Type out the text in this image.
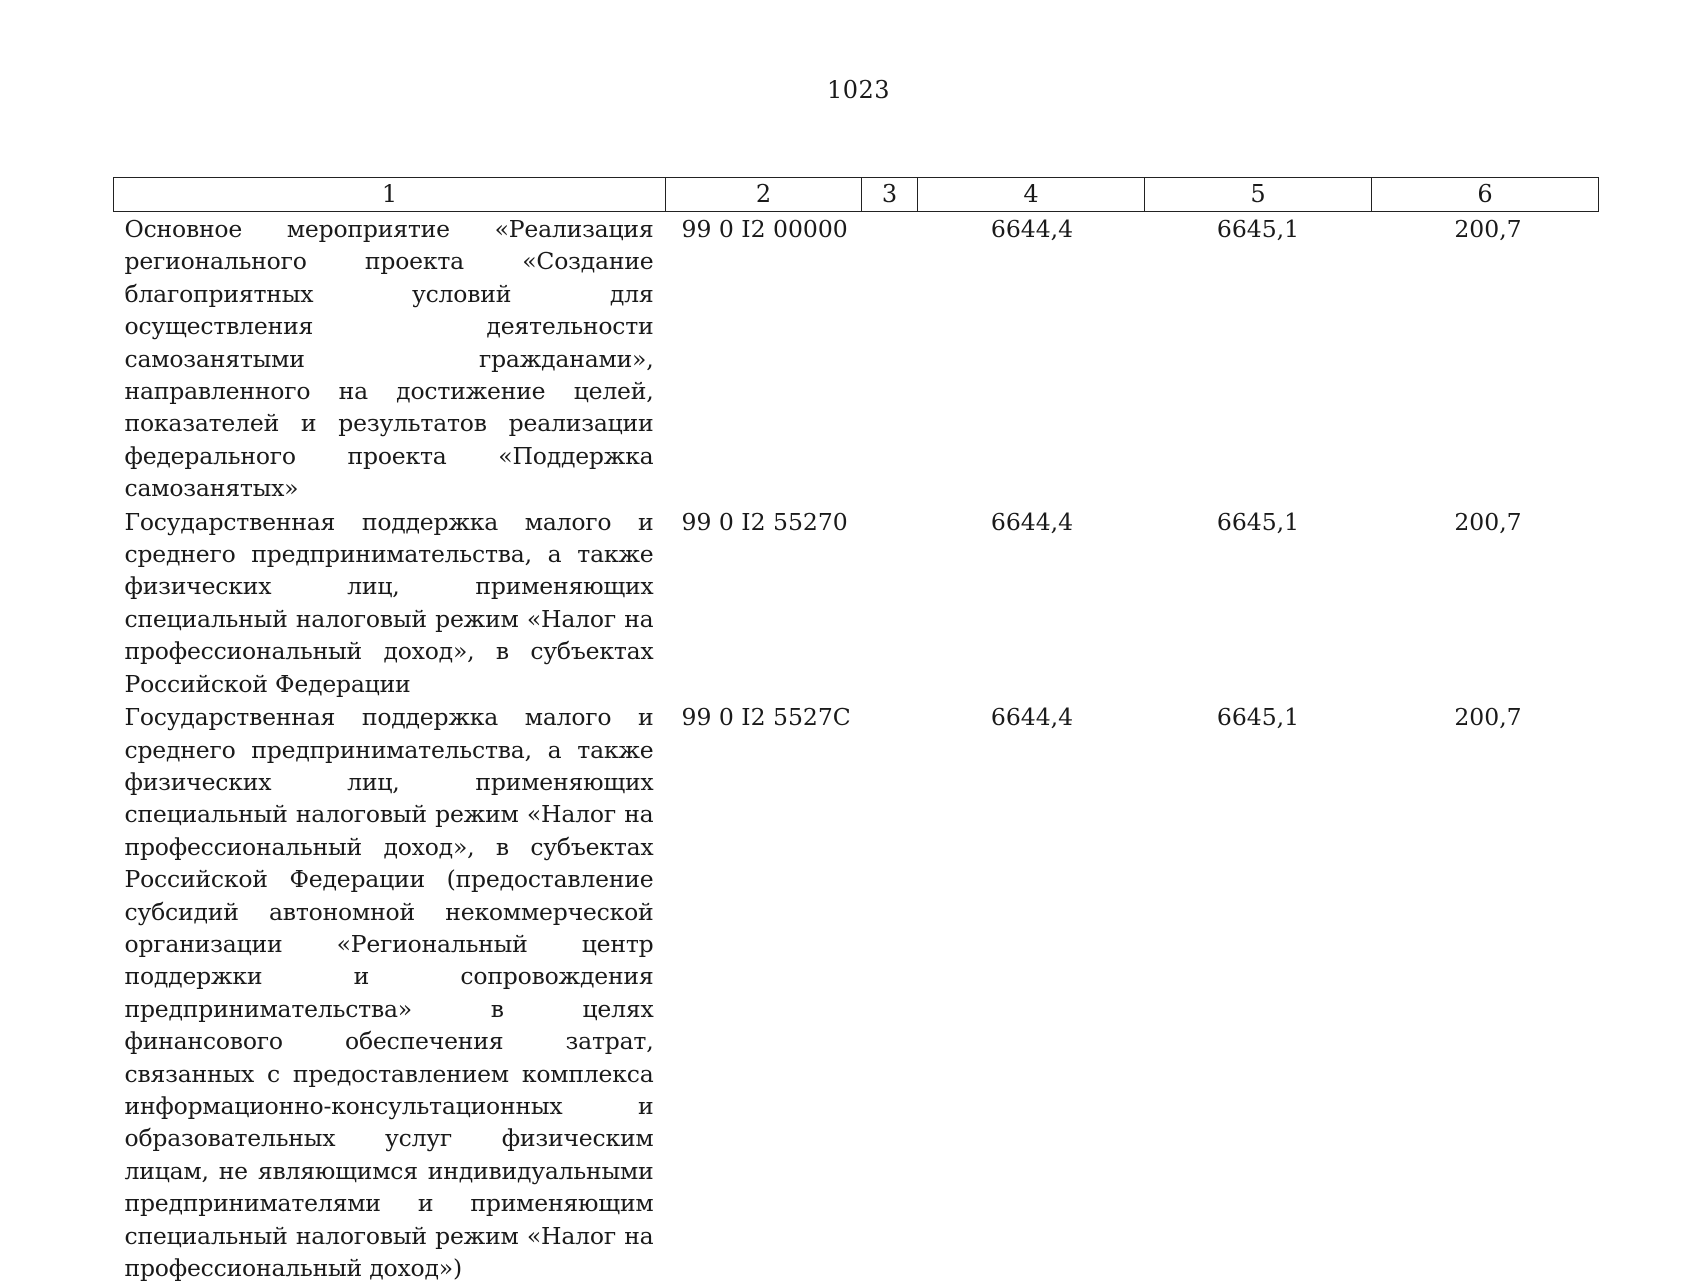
1023
1	2	3	4	5	6
Основное мероприятие «Реализация регионального проекта «Создание благоприятных условий для осуществления деятельности самозанятыми гражданами», направленного на достижение целей, показателей и результатов реализации федерального проекта «Поддержка самозанятых»	99 0 I2 00000		6644,4	6645,1	200,7
Государственная поддержка малого и среднего предпринимательства, а также физических лиц, применяющих специальный налоговый режим «Налог на профессиональный доход», в субъектах Российской Федерации	99 0 I2 55270		6644,4	6645,1	200,7
Государственная поддержка малого и среднего предпринимательства, а также физических лиц, применяющих специальный налоговый режим «Налог на профессиональный доход», в субъектах Российской Федерации (предоставление субсидий автономной некоммерческой организации «Региональный центр поддержки и сопровождения предпринимательства» в целях финансового обеспечения затрат, связанных с предоставлением комплекса информационно-консультационных и образовательных услуг физическим лицам, не являющимся индивидуальными предпринимателями и применяющим специальный налоговый режим «Налог на профессиональный доход»)	99 0 I2 5527C		6644,4	6645,1	200,7
